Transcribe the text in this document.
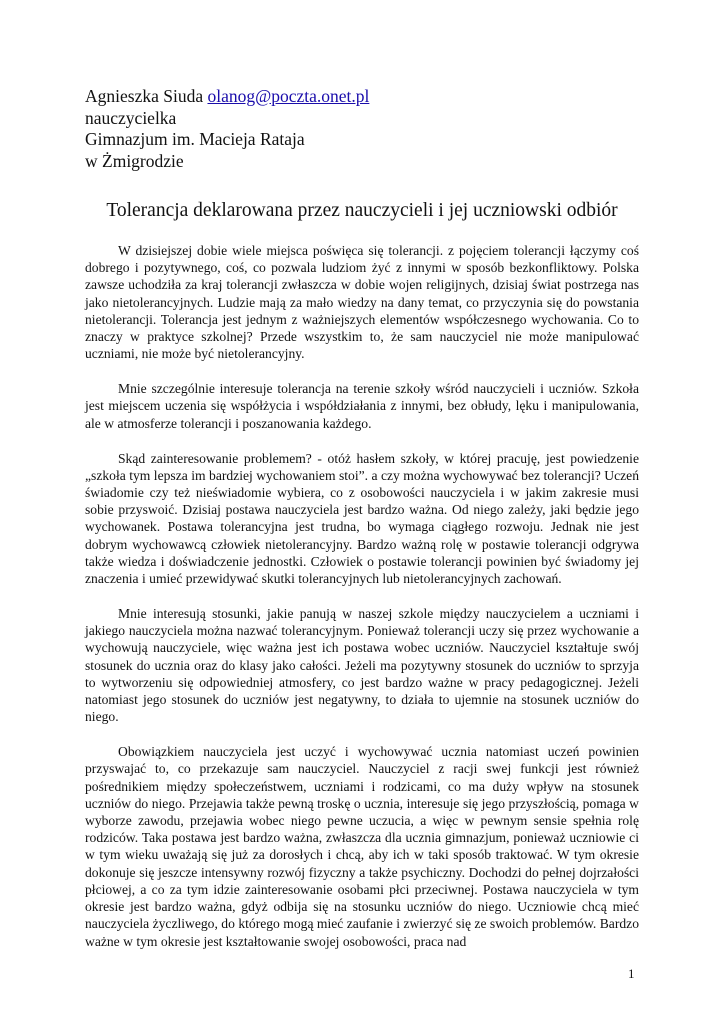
Agnieszka Siuda olanog@poczta.onet.pl
nauczycielka
Gimnazjum im. Macieja Rataja
w Żmigrodzie
Tolerancja deklarowana przez nauczycieli i jej uczniowski odbiór

W dzisiejszej dobie wiele miejsca poświęca się tolerancji. z pojęciem tolerancji łączymy coś dobrego i pozytywnego, coś, co pozwala ludziom żyć z innymi w sposób bezkonfliktowy. Polska zawsze uchodziła za kraj tolerancji zwłaszcza w dobie wojen religijnych, dzisiaj świat postrzega nas jako nietolerancyjnych. Ludzie mają za mało wiedzy na dany temat, co przyczynia się do powstania nietolerancji. Tolerancja jest jednym z ważniejszych elementów współczesnego wychowania. Co to znaczy w praktyce szkolnej? Przede wszystkim to, że sam nauczyciel nie może manipulować uczniami, nie może być nietolerancyjny.

Mnie szczególnie interesuje tolerancja na terenie szkoły wśród nauczycieli i uczniów. Szkoła jest miejscem uczenia się współżycia i współdziałania z innymi, bez obłudy, lęku i manipulowania, ale w atmosferze tolerancji i poszanowania każdego.

Skąd zainteresowanie problemem? - otóż hasłem szkoły, w której pracuję, jest powiedzenie „szkoła tym lepsza im bardziej wychowaniem stoi”. a czy można wychowywać bez tolerancji? Uczeń świadomie czy też nieświadomie wybiera, co z osobowości nauczyciela i w jakim zakresie musi sobie przyswoić. Dzisiaj postawa nauczyciela jest bardzo ważna. Od niego zależy, jaki będzie jego wychowanek. Postawa tolerancyjna jest trudna, bo wymaga ciągłego rozwoju. Jednak nie jest dobrym wychowawcą człowiek nietolerancyjny. Bardzo ważną rolę w postawie tolerancji odgrywa także wiedza i doświadczenie jednostki. Człowiek o postawie tolerancji powinien być świadomy jej znaczenia i umieć przewidywać skutki tolerancyjnych lub nietolerancyjnych zachowań.

Mnie interesują stosunki, jakie panują w naszej szkole między nauczycielem a uczniami i jakiego nauczyciela można nazwać tolerancyjnym. Ponieważ tolerancji uczy się przez wychowanie a wychowują nauczyciele, więc ważna jest ich postawa wobec uczniów. Nauczyciel kształtuje swój stosunek do ucznia oraz do klasy jako całości. Jeżeli ma pozytywny stosunek do uczniów to sprzyja to wytworzeniu się odpowiedniej atmosfery, co jest bardzo ważne w pracy pedagogicznej. Jeżeli natomiast jego stosunek do uczniów jest negatywny, to działa to ujemnie na stosunek uczniów do niego.

Obowiązkiem nauczyciela jest uczyć i wychowywać ucznia natomiast uczeń powinien przyswajać to, co przekazuje sam nauczyciel. Nauczyciel z racji swej funkcji jest również pośrednikiem między społeczeństwem, uczniami i rodzicami, co ma duży wpływ na stosunek uczniów do niego. Przejawia także pewną troskę o ucznia, interesuje się jego przyszłością, pomaga w wyborze zawodu, przejawia wobec niego pewne uczucia, a więc w pewnym sensie spełnia rolę rodziców. Taka postawa jest bardzo ważna, zwłaszcza dla ucznia gimnazjum, ponieważ uczniowie ci w tym wieku uważają się już za dorosłych i chcą, aby ich w taki sposób traktować. W tym okresie dokonuje się jeszcze intensywny rozwój fizyczny a także psychiczny. Dochodzi do pełnej dojrzałości płciowej, a co za tym idzie zainteresowanie osobami płci przeciwnej. Postawa nauczyciela w tym okresie jest bardzo ważna, gdyż odbija się na stosunku uczniów do niego. Uczniowie chcą mieć nauczyciela życzliwego, do którego mogą mieć zaufanie i zwierzyć się ze swoich problemów. Bardzo ważne w tym okresie jest kształtowanie swojej osobowości, praca nad

1
